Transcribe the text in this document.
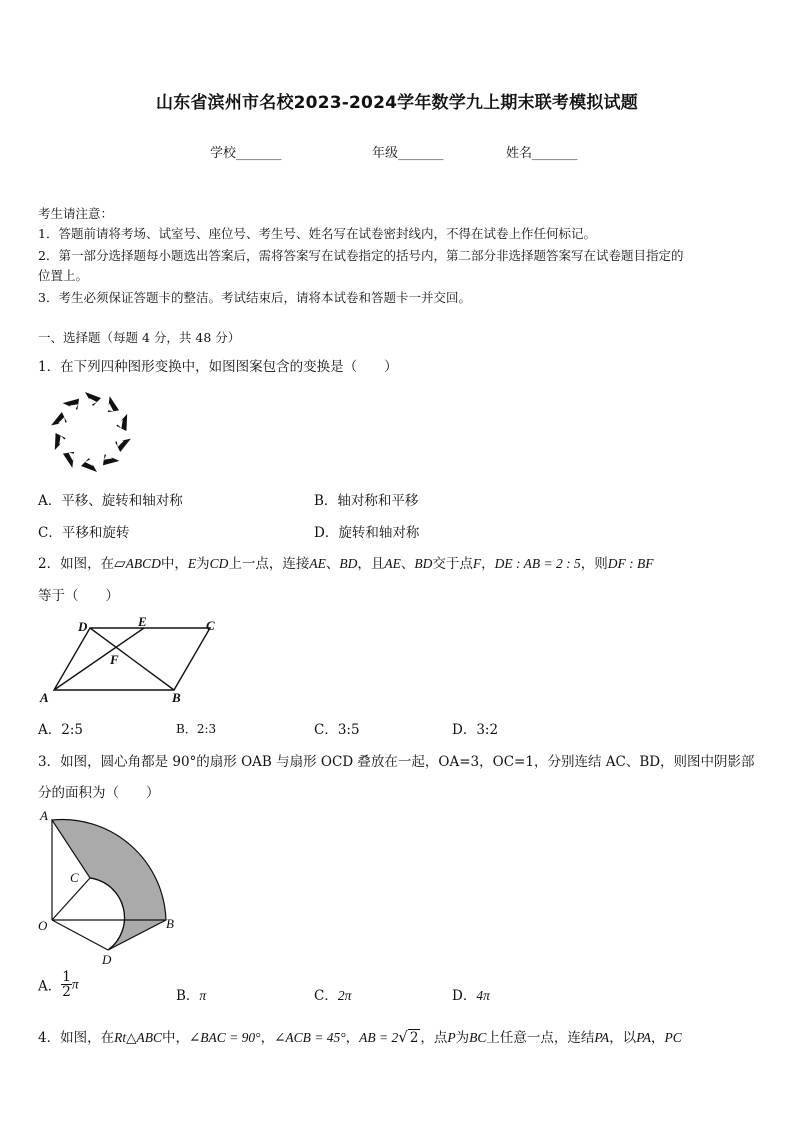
山东省滨州市名校2023-2024学年数学九上期末联考模拟试题
学校_______	年级_______	姓名_______
考生请注意：
1．答题前请将考场、试室号、座位号、考生号、姓名写在试卷密封线内，不得在试卷上作任何标记。
2．第一部分选择题每小题选出答案后，需将答案写在试卷指定的括号内，第二部分非选择题答案写在试卷题目指定的
位置上。
3．考生必须保证答题卡的整洁。考试结束后，请将本试卷和答题卡一并交回。
一、选择题（每题 4 分，共 48 分）
1．在下列四种图形变换中，如图图案包含的变换是（　　）
A．平移、旋转和轴对称	B．轴对称和平移
C．平移和旋转	D．旋转和轴对称
2．如图，在▱ABCD中，E为CD上一点，连接AE、BD，且AE、BD交于点F，DE : AB = 2 : 5，则DF : BF
等于（　　）
D	E	C
F
A	B
A．2:5	B．2:3	C．3:5	D．3:2
3．如图，圆心角都是 90°的扇形 OAB 与扇形 OCD 叠放在一起，OA=3，OC=1，分别连结 AC、BD，则图中阴影部
分的面积为（　　）
A
C
O	B
D
A． $\frac{1}{2}$ π
B．π	C．2π	D．4π
4．如图，在Rt△ABC中，∠BAC = 90°，∠ACB = 45°，AB = 2√ 2 ，点P为BC上任意一点，连结PA，以PA，PC
